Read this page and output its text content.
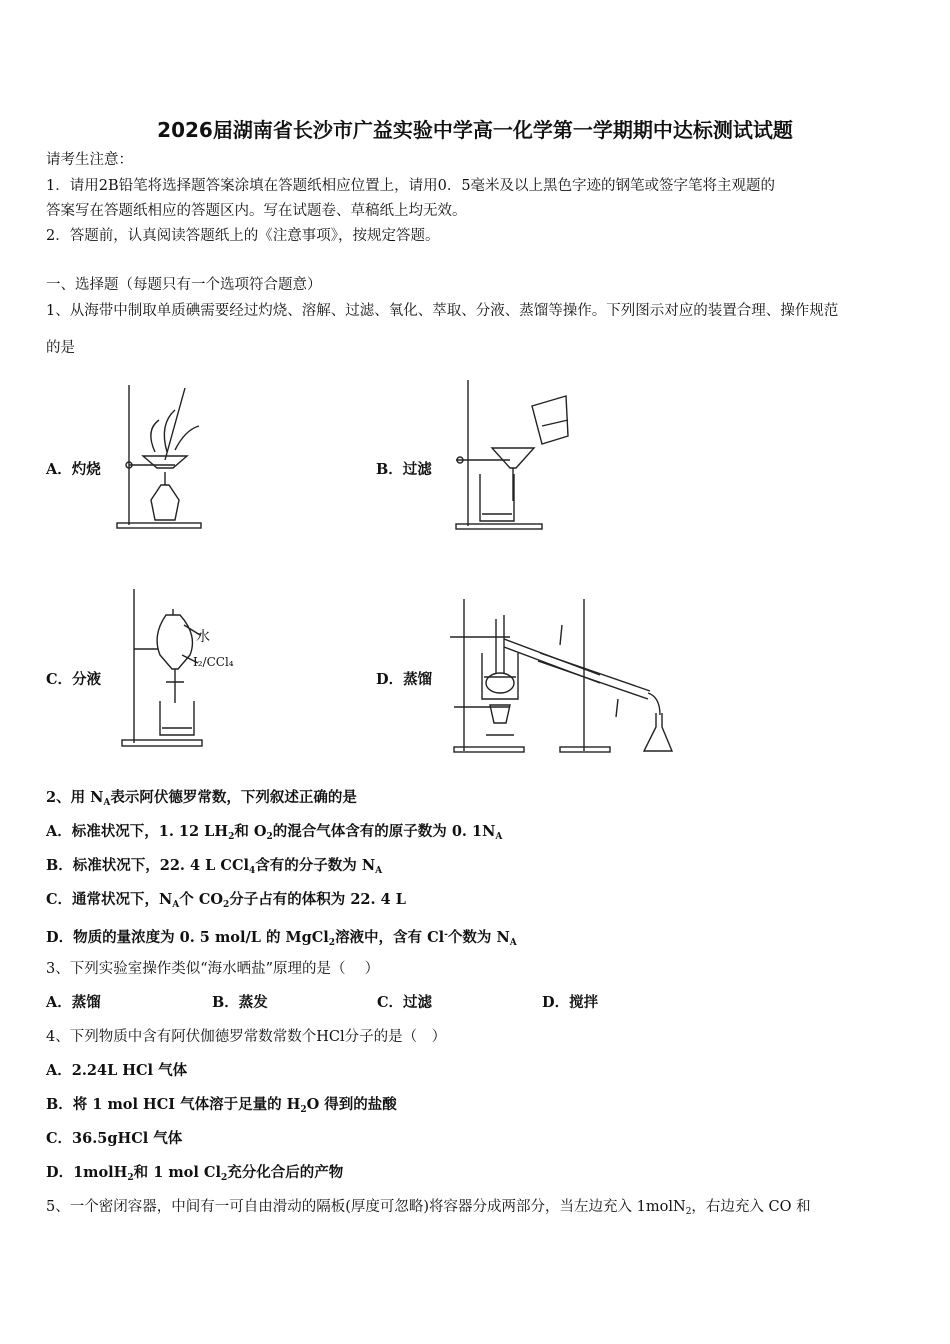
2026届湖南省长沙市广益实验中学高一化学第一学期期中达标测试试题
请考生注意：
1．请用2B铅笔将选择题答案涂填在答题纸相应位置上，请用0．5毫米及以上黑色字迹的钢笔或签字笔将主观题的
答案写在答题纸相应的答题区内。写在试题卷、草稿纸上均无效。
2．答题前，认真阅读答题纸上的《注意事项》，按规定答题。
一、选择题（每题只有一个选项符合题意）
1、从海带中制取单质碘需要经过灼烧、溶解、过滤、氧化、萃取、分液、蒸馏等操作。下列图示对应的装置合理、操作规范
的是
A．灼烧	B．过滤
C．分液
水
I₂/CCl₄
D．蒸馏
2、用 $N_A$表示阿伏德罗常数，下列叙述正确的是
A．标准状况下，1. 12 $LH_2$和 $O_2$的混合气体含有的原子数为 0. $1N_A$
B．标准状况下，22. 4 L CCl$_4$含有的分子数为 $N_A$
C．通常状况下，$N_A$个 $CO_2$分子占有的体积为 22. 4 L
D．物质的量浓度为 0. 5 mol/L 的 MgCl$_2$溶液中，含有 Cl-个数为 $N_A$
3、下列实验室操作类似“海水晒盐”原理的是（　 ）
A．蒸馏	B．蒸发	C．过滤	D．搅拌
4、下列物质中含有阿伏伽德罗常数常数个HCl分子的是（　）
A．2.24L HCl 气体
B．将 1 mol HCI 气体溶于足量的 $H_2O$ 得到的盐酸
C．36.5gHCl 气体
D．1molH$_2$和 1 mol $Cl_2$充分化合后的产物
5、一个密闭容器，中间有一可自由滑动的隔板(厚度可忽略)将容器分成两部分，当左边充入 1molN$_2$，右边充入 CO 和
